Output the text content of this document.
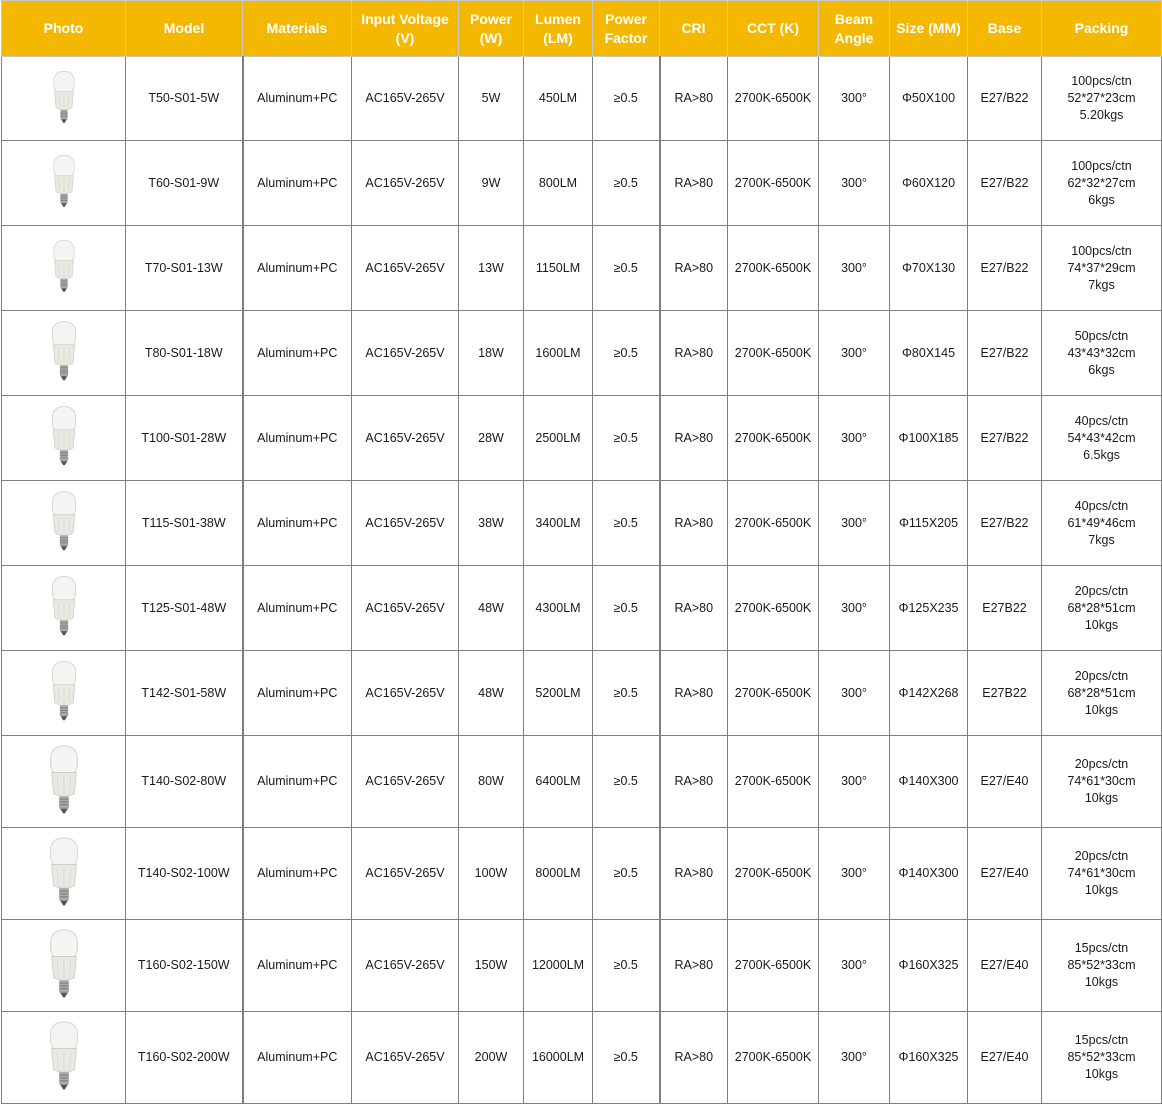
Photo	Model	Materials	Input Voltage (V)	Power (W)	Lumen (LM)	Power Factor	CRI	CCT (K)	Beam Angle	Size (MM)	Base	Packing

	T50-S01-5W	Aluminum+PC	AC165V-265V	5W	450LM	≥0.5	RA>80	2700K-6500K	300°	Φ50X100	E27/B22	100pcs/ctn
52*27*23cm
5.20kgs

	T60-S01-9W	Aluminum+PC	AC165V-265V	9W	800LM	≥0.5	RA>80	2700K-6500K	300°	Φ60X120	E27/B22	100pcs/ctn
62*32*27cm
6kgs

	T70-S01-13W	Aluminum+PC	AC165V-265V	13W	1150LM	≥0.5	RA>80	2700K-6500K	300°	Φ70X130	E27/B22	100pcs/ctn
74*37*29cm
7kgs

	T80-S01-18W	Aluminum+PC	AC165V-265V	18W	1600LM	≥0.5	RA>80	2700K-6500K	300°	Φ80X145	E27/B22	50pcs/ctn
43*43*32cm
6kgs

	T100-S01-28W	Aluminum+PC	AC165V-265V	28W	2500LM	≥0.5	RA>80	2700K-6500K	300°	Φ100X185	E27/B22	40pcs/ctn
54*43*42cm
6.5kgs

	T115-S01-38W	Aluminum+PC	AC165V-265V	38W	3400LM	≥0.5	RA>80	2700K-6500K	300°	Φ115X205	E27/B22	40pcs/ctn
61*49*46cm
7kgs

	T125-S01-48W	Aluminum+PC	AC165V-265V	48W	4300LM	≥0.5	RA>80	2700K-6500K	300°	Φ125X235	E27B22	20pcs/ctn
68*28*51cm
10kgs

	T142-S01-58W	Aluminum+PC	AC165V-265V	48W	5200LM	≥0.5	RA>80	2700K-6500K	300°	Φ142X268	E27B22	20pcs/ctn
68*28*51cm
10kgs

	T140-S02-80W	Aluminum+PC	AC165V-265V	80W	6400LM	≥0.5	RA>80	2700K-6500K	300°	Φ140X300	E27/E40	20pcs/ctn
74*61*30cm
10kgs

	T140-S02-100W	Aluminum+PC	AC165V-265V	100W	8000LM	≥0.5	RA>80	2700K-6500K	300°	Φ140X300	E27/E40	20pcs/ctn
74*61*30cm
10kgs

	T160-S02-150W	Aluminum+PC	AC165V-265V	150W	12000LM	≥0.5	RA>80	2700K-6500K	300°	Φ160X325	E27/E40	15pcs/ctn
85*52*33cm
10kgs

	T160-S02-200W	Aluminum+PC	AC165V-265V	200W	16000LM	≥0.5	RA>80	2700K-6500K	300°	Φ160X325	E27/E40	15pcs/ctn
85*52*33cm
10kgs
